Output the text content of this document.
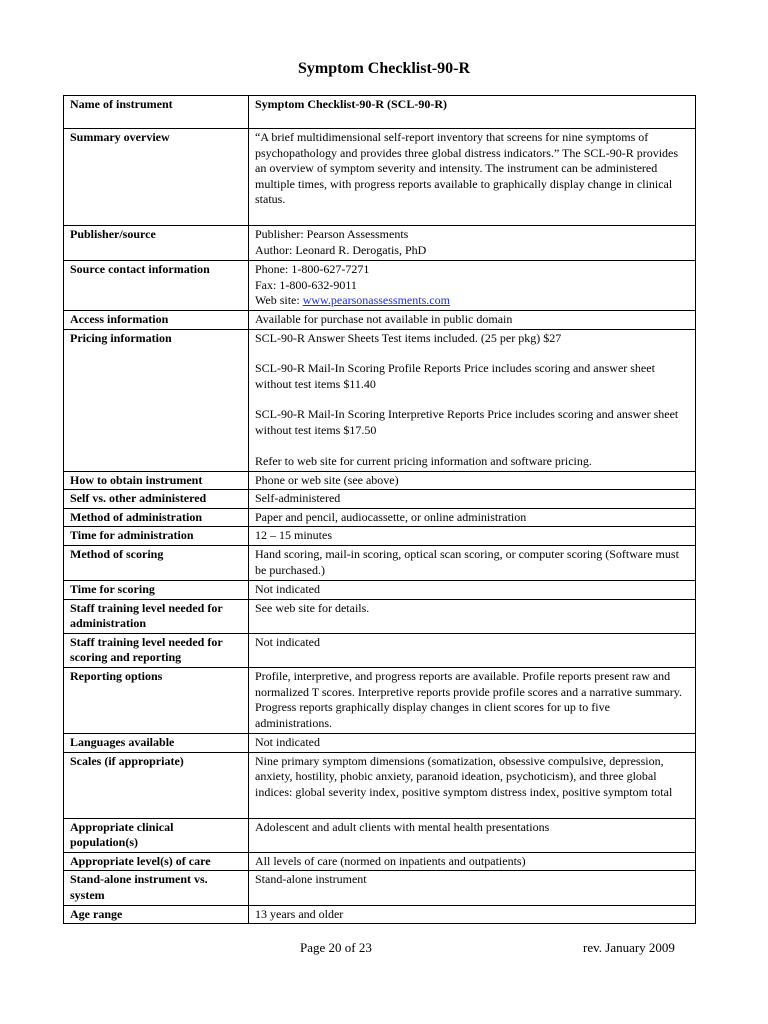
Symptom Checklist-90-R
Name of instrument	Symptom Checklist-90-R (SCL-90-R)
Summary overview	“A brief multidimensional self-report inventory that screens for nine symptoms of psychopathology and provides three global distress indicators.” The SCL-90-R provides an overview of symptom severity and intensity. The instrument can be administered multiple times, with progress reports available to graphically display change in clinical status.
Publisher/source	Publisher: Pearson Assessments
Author: Leonard R. Derogatis, PhD

Source contact information	Phone: 1-800-627-7271
Fax: 1-800-632-9011
Web site: www.pearsonassessments.com

Access information	Available for purchase not available in public domain
Pricing information	SCL-90-R Answer Sheets Test items included. (25 per pkg) $27
SCL-90-R Mail-In Scoring Profile Reports Price includes scoring and answer sheet without test items $11.40
SCL-90-R Mail-In Scoring Interpretive Reports Price includes scoring and answer sheet without test items $17.50
Refer to web site for current pricing information and software pricing.

How to obtain instrument	Phone or web site (see above)
Self vs. other administered	Self-administered
Method of administration	Paper and pencil, audiocassette, or online administration
Time for administration	12 – 15 minutes
Method of scoring	Hand scoring, mail-in scoring, optical scan scoring, or computer scoring (Software must be purchased.)
Time for scoring	Not indicated
Staff training level needed for administration	See web site for details.
Staff training level needed for scoring and reporting	Not indicated
Reporting options	Profile, interpretive, and progress reports are available. Profile reports present raw and normalized T scores. Interpretive reports provide profile scores and a narrative summary. Progress reports graphically display changes in client scores for up to five administrations.
Languages available	Not indicated
Scales (if appropriate)	Nine primary symptom dimensions (somatization, obsessive compulsive, depression, anxiety, hostility, phobic anxiety, paranoid ideation, psychoticism), and three global indices: global severity index, positive symptom distress index, positive symptom total
Appropriate clinical population(s)	Adolescent and adult clients with mental health presentations
Appropriate level(s) of care	All levels of care (normed on inpatients and outpatients)
Stand-alone instrument vs. system	Stand-alone instrument
Age range	13 years and older
Page 20 of 23	rev. January 2009
